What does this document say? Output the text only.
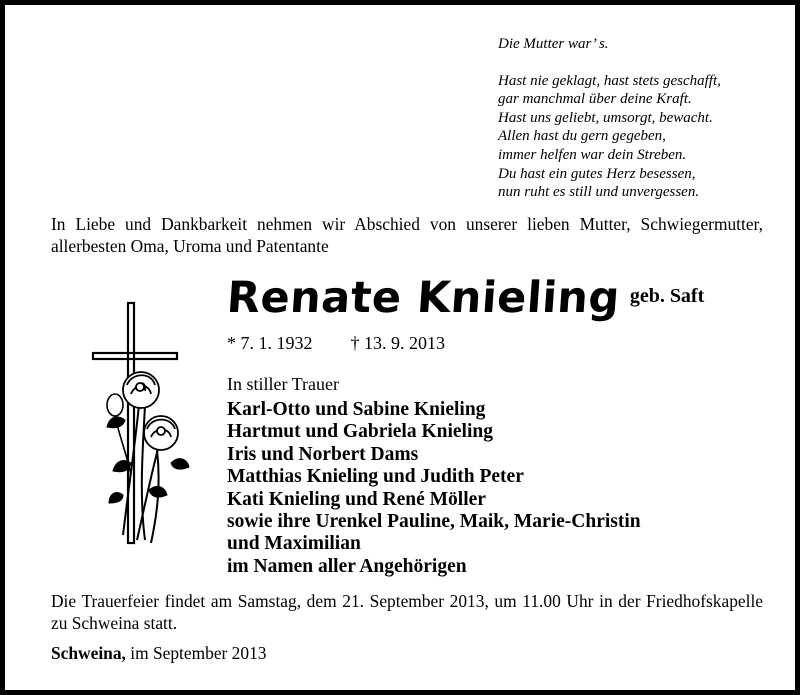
Die Mutter war’ s.
Hast nie geklagt, hast stets geschafft,
gar manchmal über deine Kraft.
Hast uns geliebt, umsorgt, bewacht.
Allen hast du gern gegeben,
immer helfen war dein Streben.
Du hast ein gutes Herz besessen,
nun ruht es still und unvergessen.
In Liebe und Dankbarkeit nehmen wir Abschied von unserer lieben Mutter, Schwiegermutter, allerbesten Oma, Uroma und Patentante
Renate Knieling geb. Saft
* 7. 1. 1932 † 13. 9. 2013
In stiller Trauer
Karl-Otto und Sabine Knieling
Hartmut und Gabriela Knieling
Iris und Norbert Dams
Matthias Knieling und Judith Peter
Kati Knieling und René Möller
sowie ihre Urenkel Pauline, Maik, Marie-Christin
und Maximilian
im Namen aller Angehörigen
Die Trauerfeier findet am Samstag, dem 21. September 2013, um 11.00 Uhr in der Friedhofskapelle zu Schweina statt.
Schweina, im September 2013
